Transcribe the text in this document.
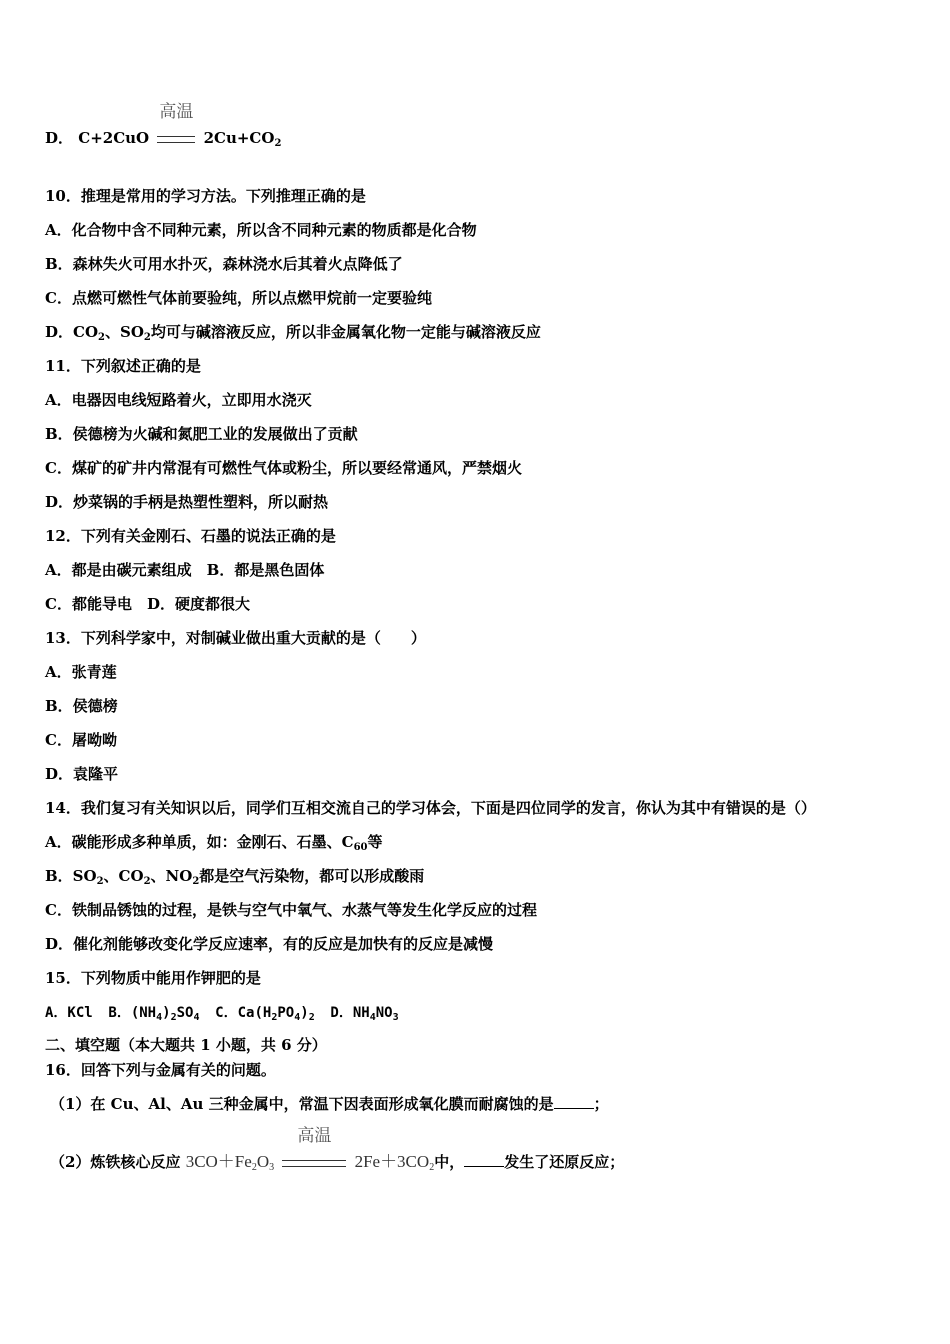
D． C+2CuO
高温
$2Cu+CO_2$
10．推理是常用的学习方法。下列推理正确的是
A．化合物中含不同种元素，所以含不同种元素的物质都是化合物
B．森林失火可用水扑灭，森林浇水后其着火点降低了
C．点燃可燃性气体前要验纯，所以点燃甲烷前一定要验纯
D．$CO_2$、$SO_2$均可与碱溶液反应，所以非金属氧化物一定能与碱溶液反应
11．下列叙述正确的是
A．电器因电线短路着火，立即用水浇灭
B．侯德榜为火碱和氮肥工业的发展做出了贡献
C．煤矿的矿井内常混有可燃性气体或粉尘，所以要经常通风，严禁烟火
D．炒菜锅的手柄是热塑性塑料，所以耐热
12．下列有关金刚石、石墨的说法正确的是
A．都是由碳元素组成　B．都是黑色固体
C．都能导电　D．硬度都很大
13．下列科学家中，对制碱业做出重大贡献的是（　　）
A．张青莲
B．侯德榜
C．屠呦呦
D．袁隆平
14．我们复习有关知识以后，同学们互相交流自己的学习体会，下面是四位同学的发言，你认为其中有错误的是（）
A．碳能形成多种单质，如：金刚石、石墨、$C_{60}$等
B．$SO_2$、$CO_2$、$NO_2$都是空气污染物，都可以形成酸雨
C．铁制品锈蚀的过程，是铁与空气中氧气、水蒸气等发生化学反应的过程
D．催化剂能够改变化学反应速率，有的反应是加快有的反应是减慢
15．下列物质中能用作钾肥的是
A．KCl B．$(NH_4)_2SO_4$ C．$Ca(H_2PO_4)_2$ D．$NH_4NO_3$
二、填空题（本大题共 1 小题，共 6 分）
16．回答下列与金属有关的问题。
（1）在 Cu、Al、Au 三种金属中，常温下因表面形成氧化膜而耐腐蚀的是	；
（2）炼铁核心反应 $3CO+Fe_2O_3$
高温
$2Fe+3CO_2$中，	发生了还原反应；
